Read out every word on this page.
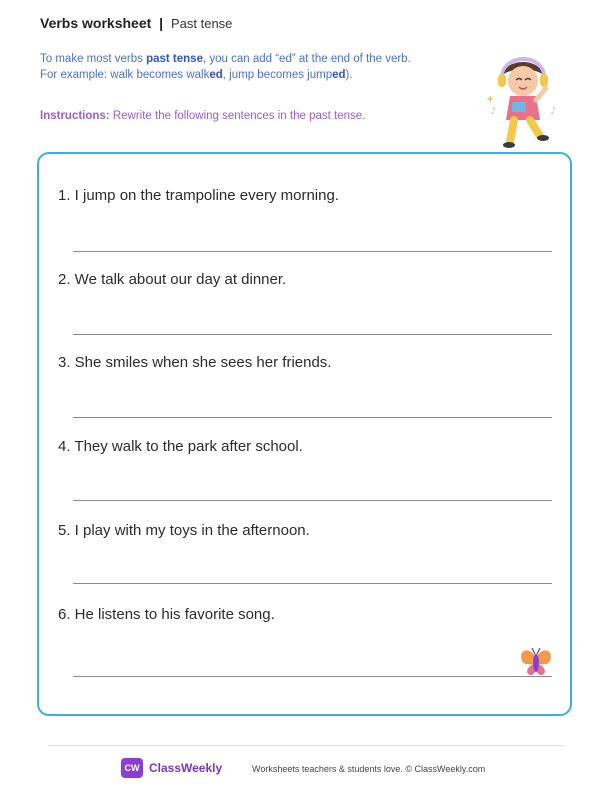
Verbs worksheet | Past tense
To make most verbs past tense, you can add “ed” at the end of the verb.
For example: walk becomes walked, jump becomes jumped).
Instructions: Rewrite the following sentences in the past tense.
+
♪	♪
1. I jump on the trampoline every morning.
2. We talk about our day at dinner.
3. She smiles when she sees her friends.
4. They walk to the park after school.
5. I play with my toys in the afternoon.
6. He listens to his favorite song.
CW ClassWeekly	Worksheets teachers & students love. © ClassWeekly.com
